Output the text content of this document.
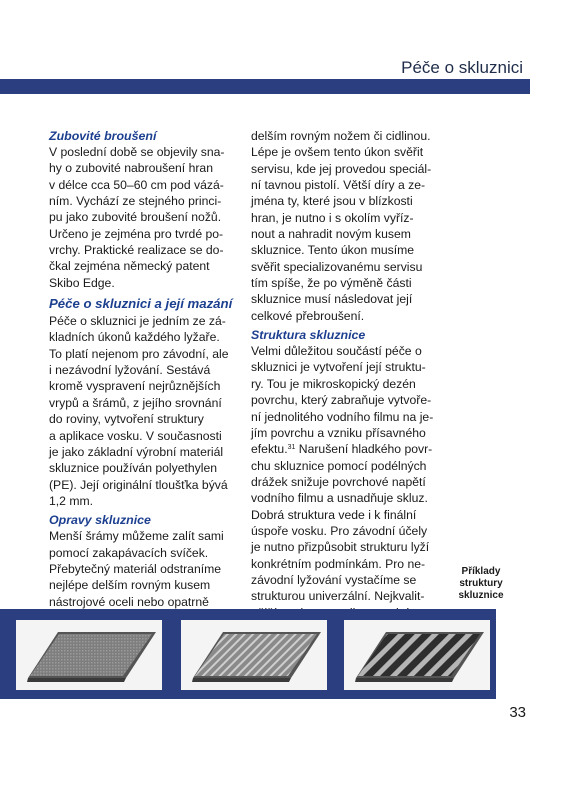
Péče o skluznici

Zubovité broušení

V poslední době se objevily sna-

hy o zubovité nabroušení hran

v délce cca 50–60 cm pod vázá-

ním. Vychází ze stejného princi-

pu jako zubovité broušení nožů.

Určeno je zejména pro tvrdé po-

vrchy. Praktické realizace se do-

čkal zejména německý patent

Skibo Edge.

Péče o skluznici a její mazání

Péče o skluznici je jedním ze zá-

kladních úkonů každého lyžaře.

To platí nejenom pro závodní, ale

i nezávodní lyžování. Sestává

kromě vyspravení nejrůznějších

vrypů a šrámů, z jejího srovnání

do roviny, vytvoření struktury

a aplikace vosku. V současnosti

je jako základní výrobní materiál

skluznice používán polyethylen

(PE). Její originální tloušťka bývá

1,2 mm.

Opravy skluznice

Menší šrámy můžeme zalít sami

pomocí zakapávacích svíček.

Přebytečný materiál odstraníme

nejlépe delším rovným kusem

nástrojové oceli nebo opatrně

delším rovným nožem či cidlinou.

Lépe je ovšem tento úkon svěřit

servisu, kde jej provedou speciál-

ní tavnou pistolí. Větší díry a ze-

jména ty, které jsou v blízkosti

hran, je nutno i s okolím vyříz-

nout a nahradit novým kusem

skluznice. Tento úkon musíme

svěřit specializovanému servisu

tím spíše, že po výměně části

skluznice musí následovat její

celkové přebroušení.

Struktura skluznice

Velmi důležitou součástí péče o

skluznici je vytvoření její struktu-

ry. Tou je mikroskopický dezén

povrchu, který zabraňuje vytvoře-

ní jednolitého vodního filmu na je-

jím povrchu a vzniku přísavného

efektu.$^{31}$ Narušení hladkého povr-

chu skluznice pomocí podélných

drážek snižuje povrchové napětí

vodního filmu a usnadňuje skluz.

Dobrá struktura vede i k finální

úspoře vosku. Pro závodní účely

je nutno přizpůsobit strukturu lyží

konkrétním podmínkám. Pro ne-

závodní lyžování vystačíme se

strukturou univerzální. Nejkvalit-

Příklady
struktury
skluznice
33
